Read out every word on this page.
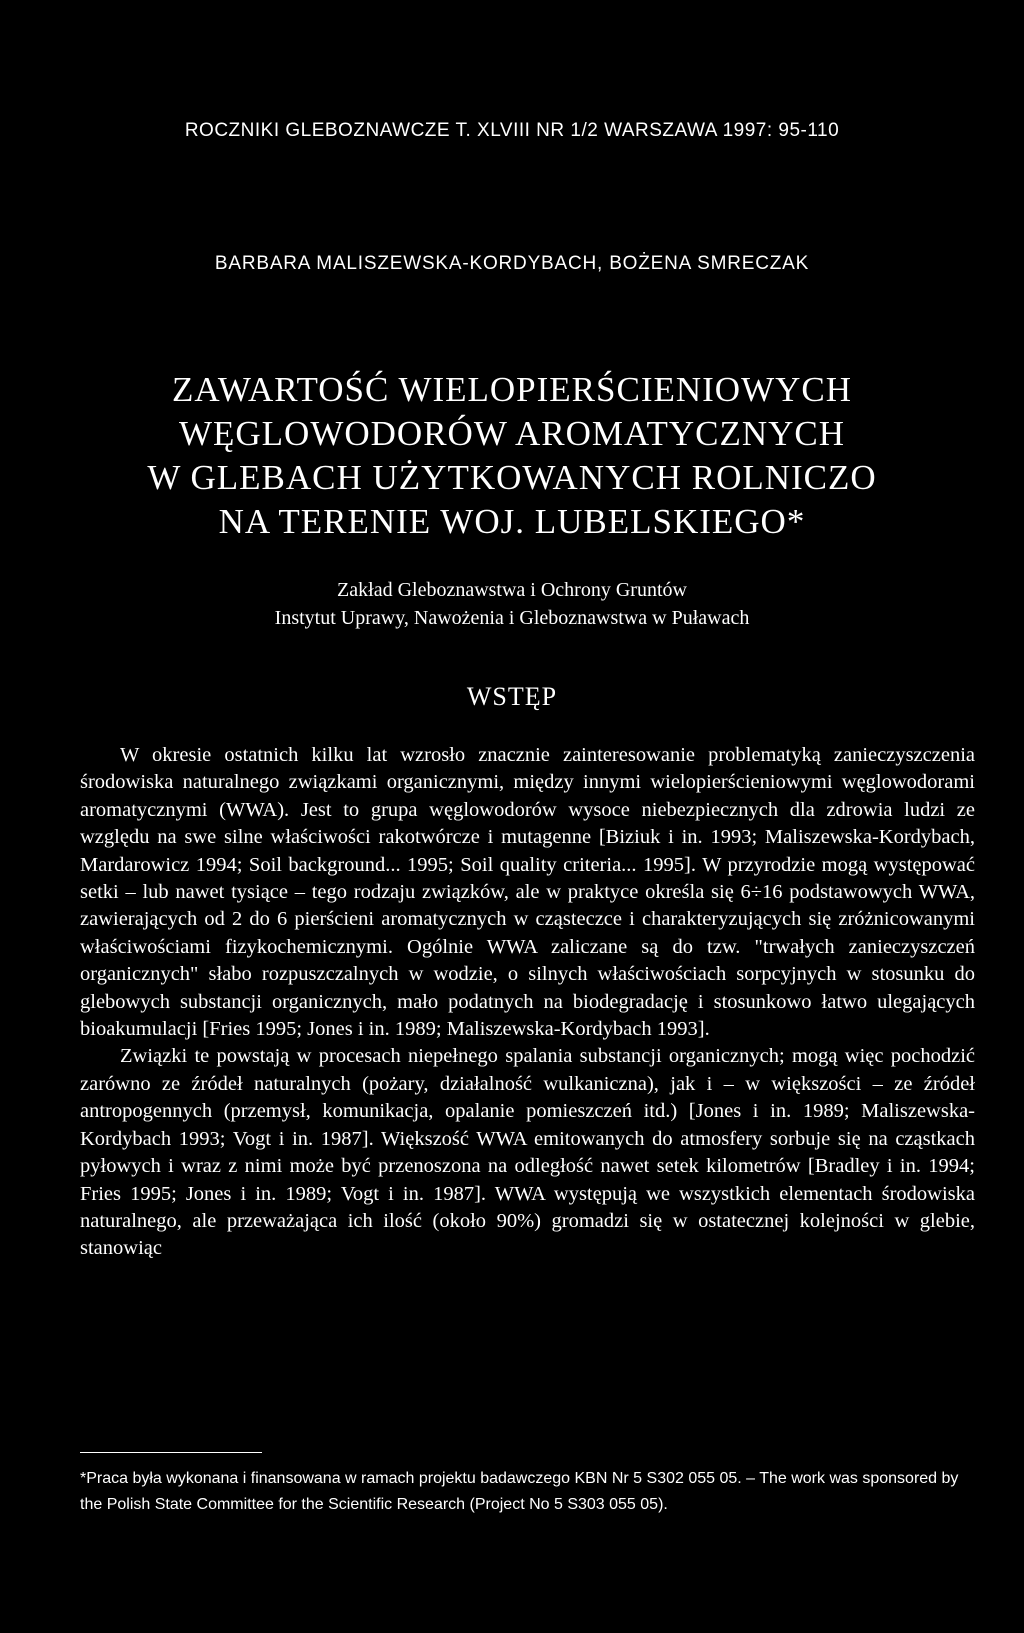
ROCZNIKI GLEBOZNAWCZE T. XLVIII NR 1/2 WARSZAWA 1997: 95-110
BARBARA MALISZEWSKA-KORDYBACH, BOŻENA SMRECZAK
ZAWARTOŚĆ WIELOPIERŚCIENIOWYCH
WĘGLOWODORÓW AROMATYCZNYCH
W GLEBACH UŻYTKOWANYCH ROLNICZO
NA TERENIE WOJ. LUBELSKIEGO*
Zakład Gleboznawstwa i Ochrony Gruntów
Instytut Uprawy, Nawożenia i Gleboznawstwa w Puławach
WSTĘP

W okresie ostatnich kilku lat wzrosło znacznie zainteresowanie problematyką zanieczyszczenia środowiska naturalnego związkami organicznymi, między innymi wielopierścieniowymi węglowodorami aromatycznymi (WWA). Jest to grupa węglowodorów wysoce niebezpiecznych dla zdrowia ludzi ze względu na swe silne właściwości rakotwórcze i mutagenne [Biziuk i in. 1993; Maliszewska-Kordybach, Mardarowicz 1994; Soil background... 1995; Soil quality criteria... 1995]. W przyrodzie mogą występować setki – lub nawet tysiące – tego rodzaju związków, ale w praktyce określa się 6÷16 podstawowych WWA, zawierających od 2 do 6 pierścieni aromatycznych w cząsteczce i charakteryzujących się zróżnicowanymi właściwościami fizykochemicznymi. Ogólnie WWA zaliczane są do tzw. "trwałych zanieczyszczeń organicznych" słabo rozpuszczalnych w wodzie, o silnych właściwościach sorpcyjnych w stosunku do glebowych substancji organicznych, mało podatnych na biodegradację i stosunkowo łatwo ulegających bioakumulacji [Fries 1995; Jones i in. 1989; Maliszewska-Kordybach 1993].

Związki te powstają w procesach niepełnego spalania substancji organicznych; mogą więc pochodzić zarówno ze źródeł naturalnych (pożary, działalność wulkaniczna), jak i – w większości – ze źródeł antropogennych (przemysł, komunikacja, opalanie pomieszczeń itd.) [Jones i in. 1989; Maliszewska-Kordybach 1993; Vogt i in. 1987]. Większość WWA emitowanych do atmosfery sorbuje się na cząstkach pyłowych i wraz z nimi może być przenoszona na odległość nawet setek kilometrów [Bradley i in. 1994; Fries 1995; Jones i in. 1989; Vogt i in. 1987]. WWA występują we wszystkich elementach środowiska naturalnego, ale przeważająca ich ilość (około 90%) gromadzi się w ostatecznej kolejności w glebie, stanowiąc

*Praca była wykonana i finansowana w ramach projektu badawczego KBN Nr 5 S302 055 05. – The work was sponsored by the Polish State Committee for the Scientific Research (Project No 5 S303 055 05).
